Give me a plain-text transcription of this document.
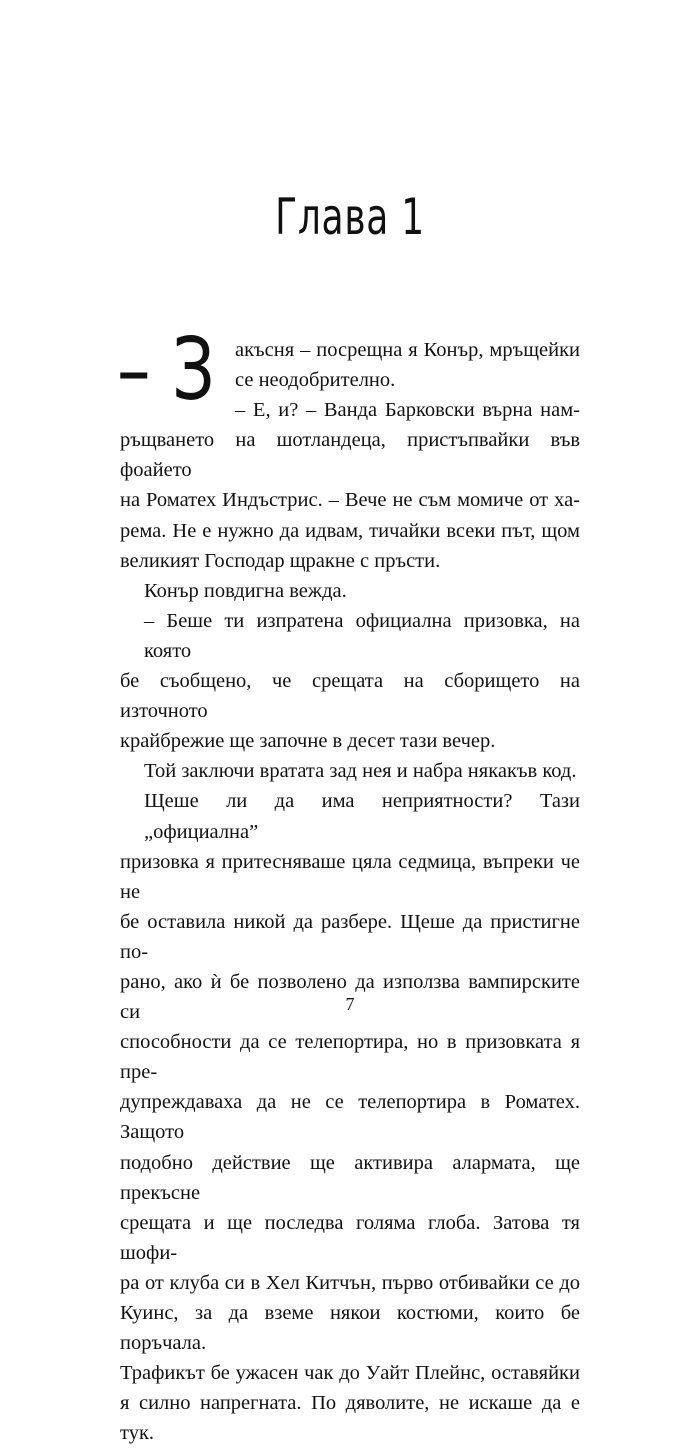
Глава 1
– З акъсня – посрещна я Конър, мръщейки
се неодобрително.
– Е, и? – Ванда Барковски върна нам-
ръщването на шотландеца, пристъпвайки във фоайето
на Роматех Индъстрис. – Вече не съм момиче от ха-
рема. Не е нужно да идвам, тичайки всеки път, щом
великият Господар щракне с пръсти.
Конър повдигна вежда.
– Беше ти изпратена официална призовка, на която
бе съобщено, че срещата на сборището на източното
крайбрежие ще започне в десет тази вечер.
Той заключи вратата зад нея и набра някакъв код.
Щеше ли да има неприятности? Тази „официална”
призовка я притесняваше цяла седмица, въпреки че не
бе оставила никой да разбере. Щеше да пристигне по-
рано, ако ѝ бе позволено да използва вампирските си
способности да се телепортира, но в призовката я пре-
дупреждаваха да не се телепортира в Роматех. Защото
подобно действие ще активира алармата, ще прекъсне
срещата и ще последва голяма глоба. Затова тя шофи-
ра от клуба си в Хел Китчън, първо отбивайки се до
Куинс, за да вземе някои костюми, които бе поръчала.
Трафикът бе ужасен чак до Уайт Плейнс, оставяйки
я силно напрегната. По дяволите, не искаше да е тук.
7
